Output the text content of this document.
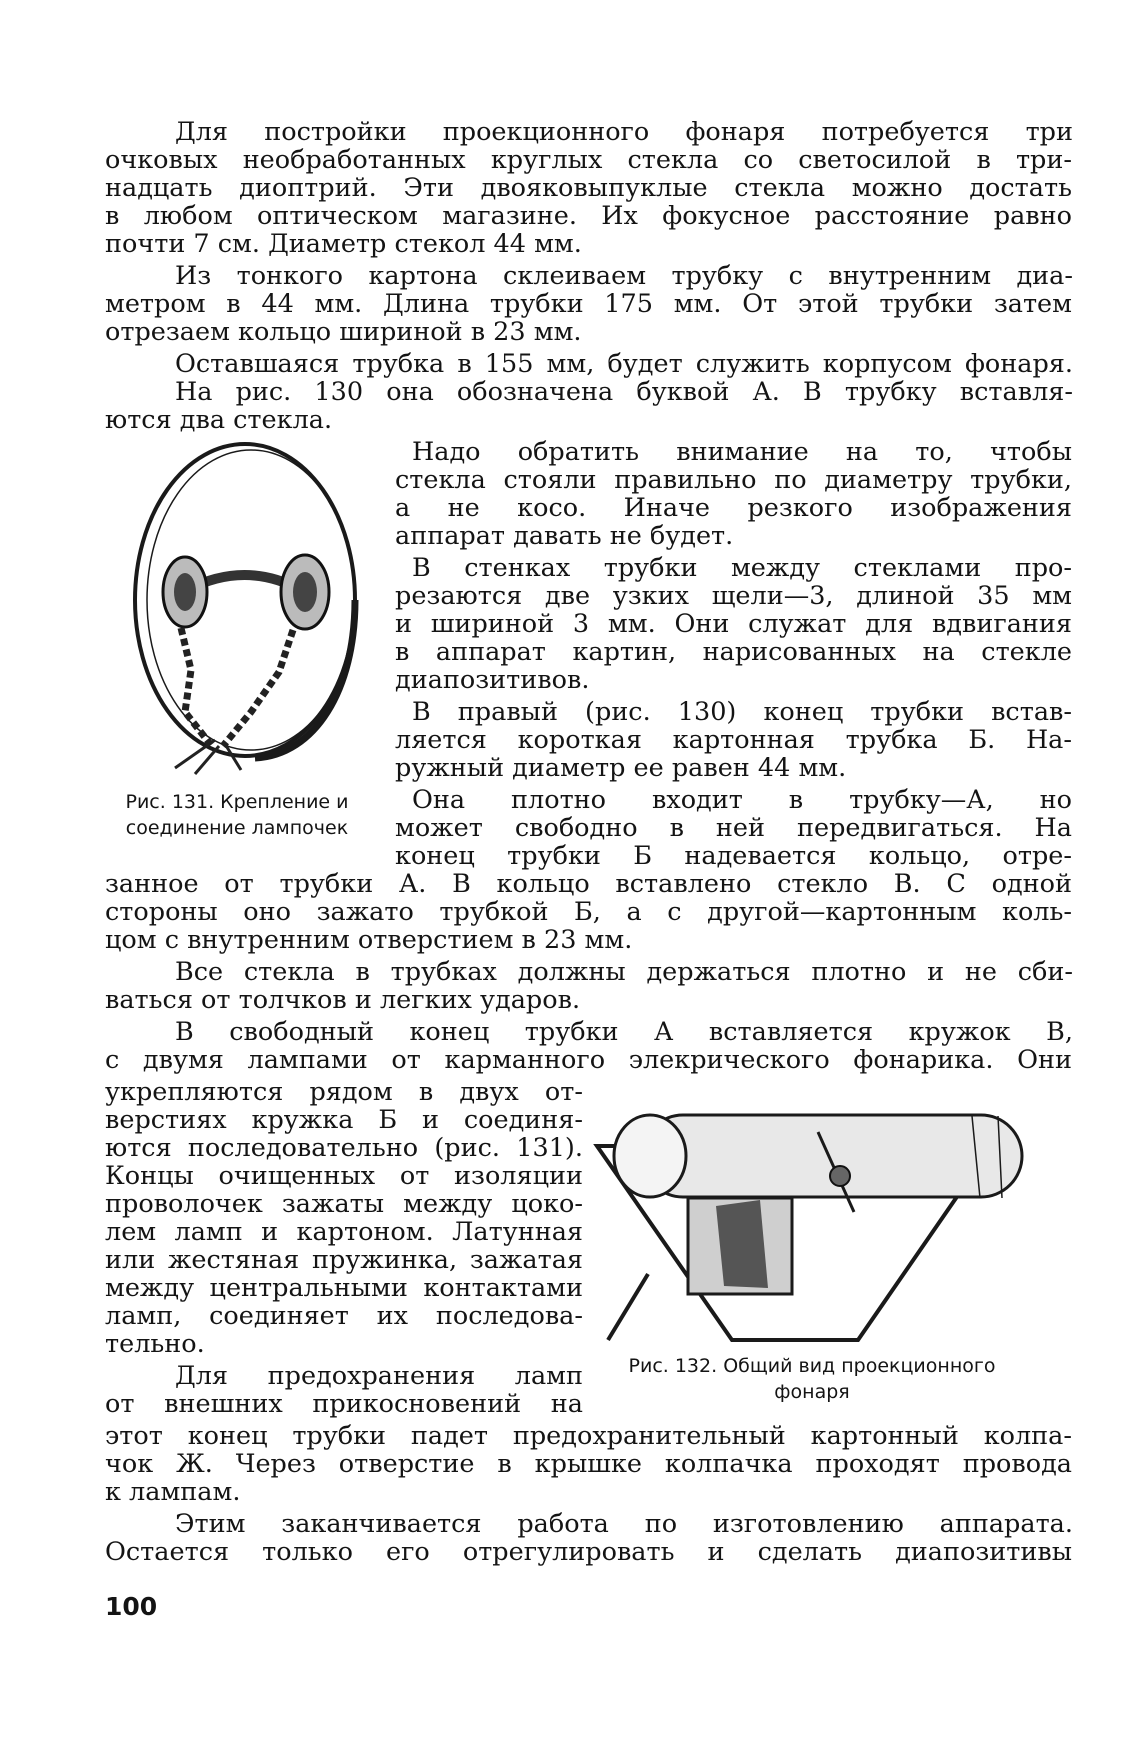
Для постройки проекционного фонаря потребуется три
очковых необработанных круглых стекла со светосилой в три-
надцать диоптрий. Эти двояковыпуклые стекла можно достать
в любом оптическом магазине. Их фокусное расстояние равно
почти 7 см. Диаметр стекол 44 мм.
Из тонкого картона склеиваем трубку с внутренним диа-
метром в 44 мм. Длина трубки 175 мм. От этой трубки затем
отрезаем кольцо шириной в 23 мм.
Оставшаяся трубка в 155 мм, будет служить корпусом фонаря.
На рис. 130 она обозначена буквой А. В трубку вставля-
ются два стекла.
Надо обратить внимание на то, чтобы
стекла стояли правильно по диаметру трубки,
а не косо. Иначе резкого изображения
аппарат давать не будет.
В стенках трубки между стеклами про-
резаются две узких щели—3, длиной 35 мм
и шириной 3 мм. Они служат для вдвигания
в аппарат картин, нарисованных на стекле
диапозитивов.
В правый (рис. 130) конец трубки встав-
ляется короткая картонная трубка Б. На-
ружный диаметр ее равен 44 мм.
Она плотно входит в трубку—А, но
может свободно в ней передвигаться. На
конец трубки Б надевается кольцо, отре-
занное от трубки А. В кольцо вставлено стекло В. С одной
стороны оно зажато трубкой Б, а с другой—картонным коль-
цом с внутренним отверстием в 23 мм.
Все стекла в трубках должны держаться плотно и не сби-
ваться от толчков и легких ударов.
В свободный конец трубки А вставляется кружок В,
с двумя лампами от карманного элекрического фонарика. Они
укрепляются рядом в двух от-
верстиях кружка Б и соединя-
ются последовательно (рис. 131).
Концы очищенных от изоляции
проволочек зажаты между цоко-
лем ламп и картоном. Латунная
или жестяная пружинка, зажатая
между центральными контактами
ламп, соединяет их последова-
тельно.
Для предохранения ламп
от внешних прикосновений на
этот конец трубки падет предохранительный картонный колпа-
чок Ж. Через отверстие в крышке колпачка проходят провода
к лампам.
Этим заканчивается работа по изготовлению аппарата.
Остается только его отрегулировать и сделать диапозитивы
Рис. 131. Крепление и
соединение лампочек
Рис. 132. Общий вид проекционного
фонаря
100
